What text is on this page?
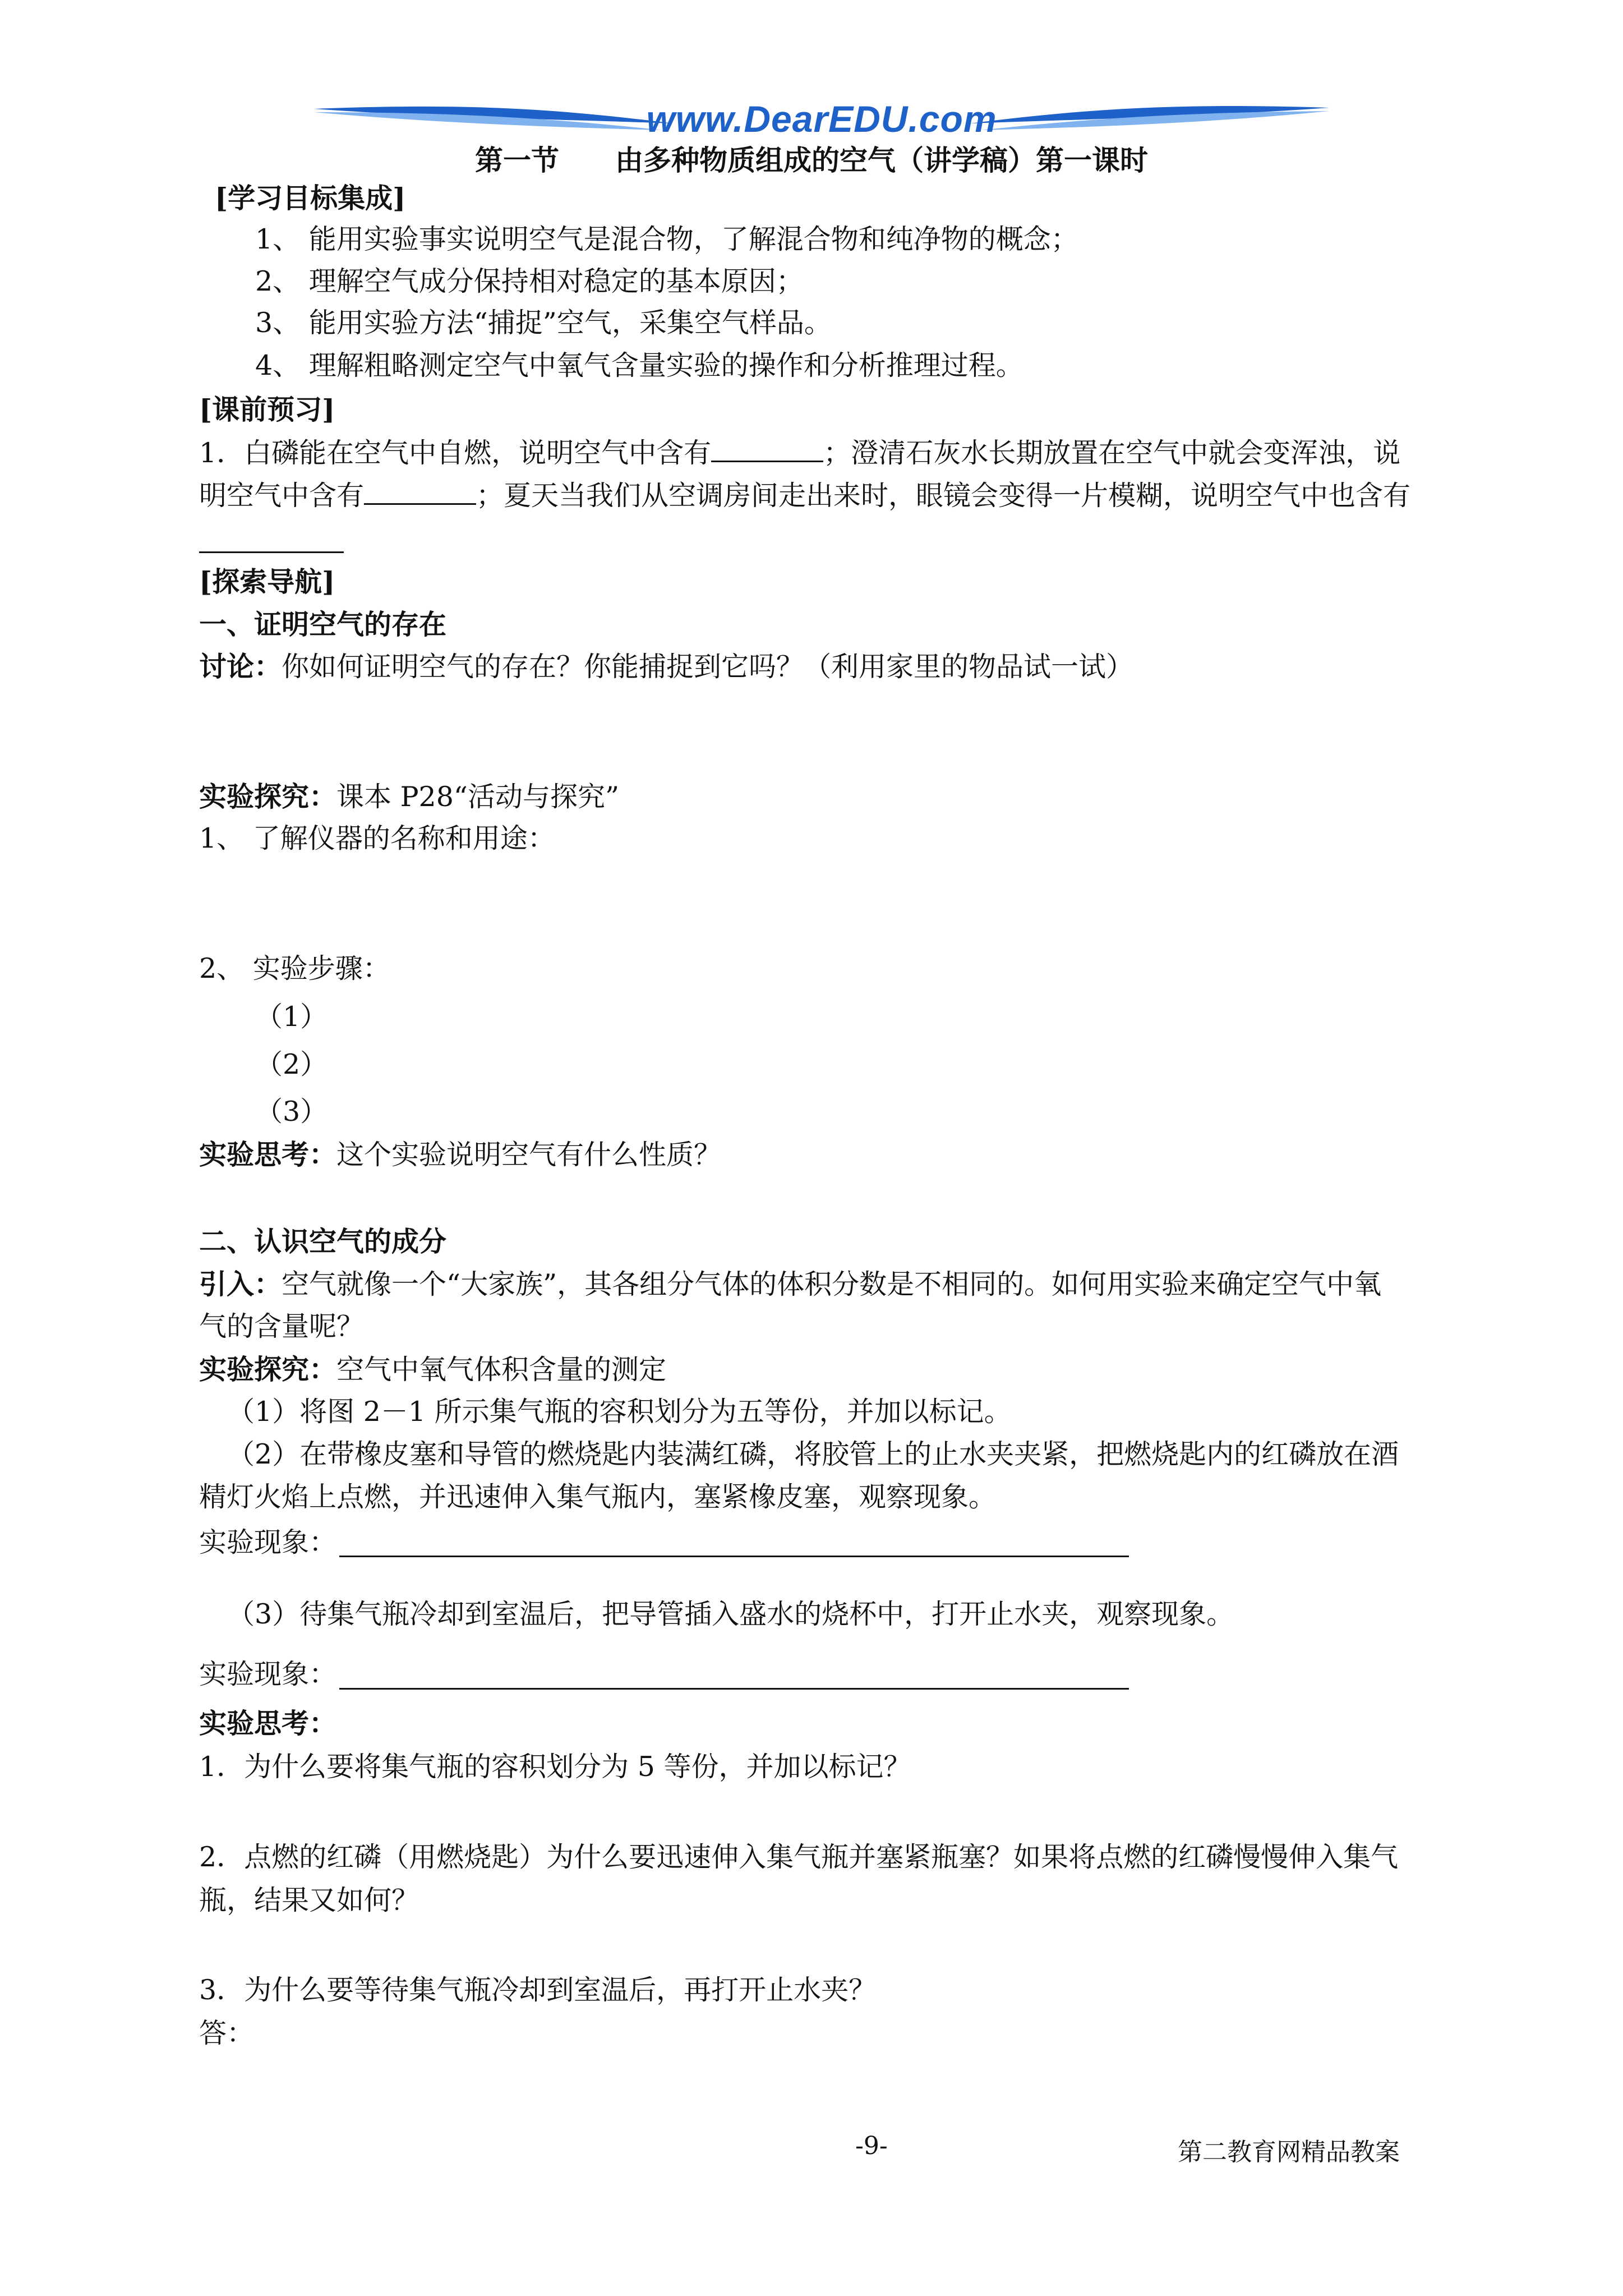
www.DearEDU.com
第一节　　由多种物质组成的空气（讲学稿）第一课时
[学习目标集成]
1、 能用实验事实说明空气是混合物，了解混合物和纯净物的概念；
2、 理解空气成分保持相对稳定的基本原因；
3、 能用实验方法“捕捉”空气，采集空气样品。
4、 理解粗略测定空气中氧气含量实验的操作和分析推理过程。
[课前预习]
1．白磷能在空气中自燃，说明空气中含有	；澄清石灰水长期放置在空气中就会变浑浊，说
明空气中含有	；夏天当我们从空调房间走出来时，眼镜会变得一片模糊，说明空气中也含有
[探索导航]
一、证明空气的存在
讨论：你如何证明空气的存在？你能捕捉到它吗？（利用家里的物品试一试）
实验探究：课本 P28“活动与探究”
1、 了解仪器的名称和用途：
2、 实验步骤：
（1）
（2）
（3）
实验思考：这个实验说明空气有什么性质？
二、认识空气的成分
引入：空气就像一个“大家族”，其各组分气体的体积分数是不相同的。如何用实验来确定空气中氧
气的含量呢？
实验探究：空气中氧气体积含量的测定
（1）将图 2－1 所示集气瓶的容积划分为五等份，并加以标记。
（2）在带橡皮塞和导管的燃烧匙内装满红磷，将胶管上的止水夹夹紧，把燃烧匙内的红磷放在酒
精灯火焰上点燃，并迅速伸入集气瓶内，塞紧橡皮塞，观察现象。
实验现象：
（3）待集气瓶冷却到室温后，把导管插入盛水的烧杯中，打开止水夹，观察现象。
实验现象：
实验思考：
1．为什么要将集气瓶的容积划分为 5 等份，并加以标记？
2．点燃的红磷（用燃烧匙）为什么要迅速伸入集气瓶并塞紧瓶塞？如果将点燃的红磷慢慢伸入集气
瓶，结果又如何？
3．为什么要等待集气瓶冷却到室温后，再打开止水夹？
答：
-9-	第二教育网精品教案
